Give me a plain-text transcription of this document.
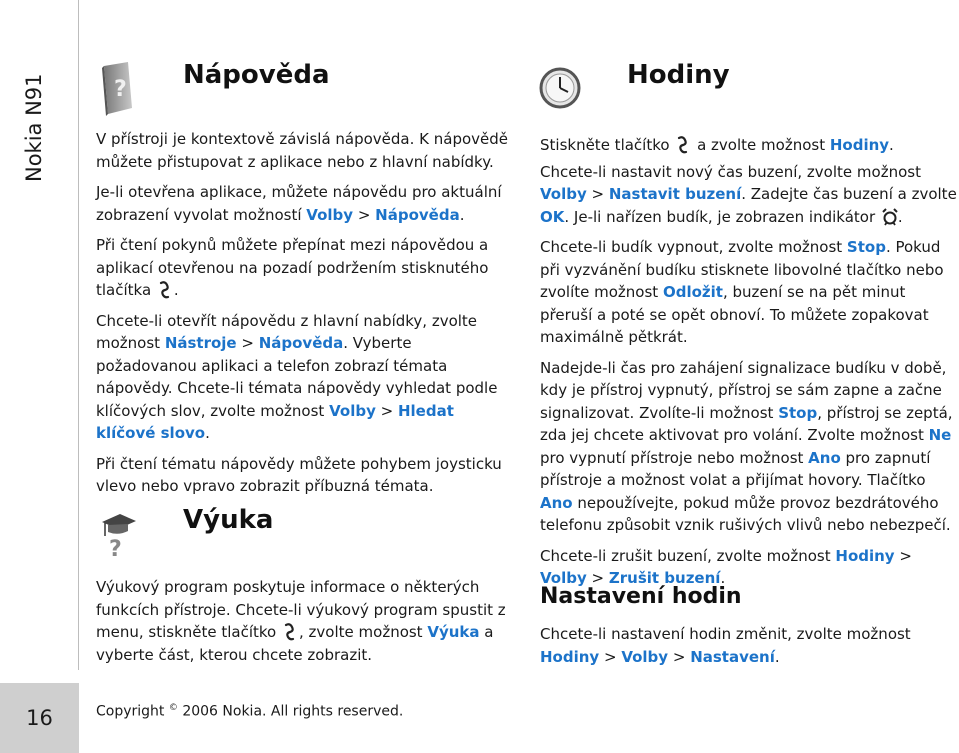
Nokia N91
16
? Nápověda

V přístroji je kontextově závislá nápověda. K nápovědě můžete přistupovat z aplikace nebo z hlavní nabídky.

Je-li otevřena aplikace, můžete nápovědu pro aktuální zobrazení vyvolat možností Volby > Nápověda.

Při čtení pokynů můžete přepínat mezi nápovědou a aplikací otevřenou na pozadí podržením stisknutého tlačítka .

Chcete-li otevřít nápovědu z hlavní nabídky, zvolte možnost Nástroje > Nápověda. Vyberte požadovanou aplikaci a telefon zobrazí témata nápovědy. Chcete-li témata nápovědy vyhledat podle klíčových slov, zvolte možnost Volby > Hledat klíčové slovo.

Při čtení tématu nápovědy můžete pohybem joysticku vlevo nebo vpravo zobrazit příbuzná témata.

?
Výuka

Výukový program poskytuje informace o některých funkcích přístroje. Chcete-li výukový program spustit z menu, stiskněte tlačítko , zvolte možnost Výuka a vyberte část, kterou chcete zobrazit.

Hodiny

Stiskněte tlačítko  a zvolte možnost Hodiny.

Chcete-li nastavit nový čas buzení, zvolte možnost Volby > Nastavit buzení. Zadejte čas buzení a zvolte OK. Je-li nařízen budík, je zobrazen indikátor .

Chcete-li budík vypnout, zvolte možnost Stop. Pokud při vyzvánění budíku stisknete libovolné tlačítko nebo zvolíte možnost Odložit, buzení se na pět minut přeruší a poté se opět obnoví. To můžete zopakovat maximálně pětkrát.

Nadejde-li čas pro zahájení signalizace budíku v době, kdy je přístroj vypnutý, přístroj se sám zapne a začne signalizovat. Zvolíte-li možnost Stop, přístroj se zeptá, zda jej chcete aktivovat pro volání. Zvolte možnost Ne pro vypnutí přístroje nebo možnost Ano pro zapnutí přístroje a možnost volat a přijímat hovory. Tlačítko Ano nepoužívejte, pokud může provoz bezdrátového telefonu způsobit vznik rušivých vlivů nebo nebezpečí.

Chcete-li zrušit buzení, zvolte možnost Hodiny > Volby > Zrušit buzení.

Nastavení hodin

Chcete-li nastavení hodin změnit, zvolte možnost Hodiny > Volby > Nastavení.

Copyright © 2006 Nokia. All rights reserved.
